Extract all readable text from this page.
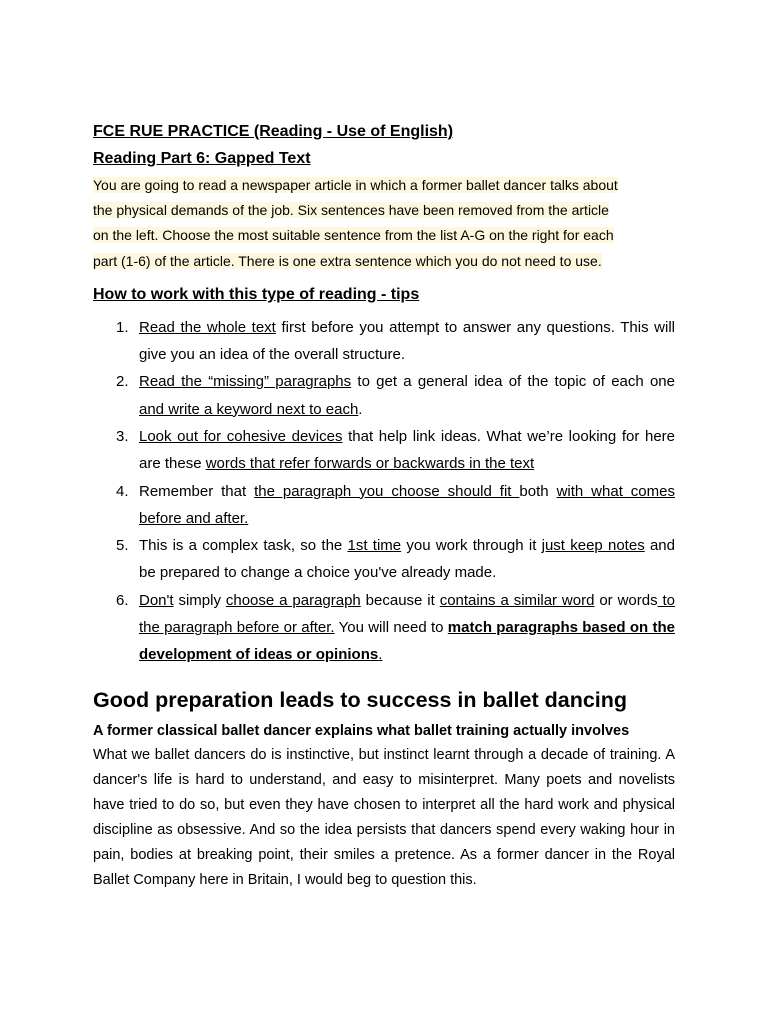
FCE RUE PRACTICE (Reading - Use of English)
Reading Part 6: Gapped Text

You are going to read a newspaper article in which a former ballet dancer talks about

the physical demands of the job. Six sentences have been removed from the article

on the left. Choose the most suitable sentence from the list A-G on the right for each

part (1-6) of the article. There is one extra sentence which you do not need to use.

How to work with this type of reading - tips
1. Read the whole text first before you attempt to answer any questions. This will give you an idea of the overall structure.
2. Read the “missing” paragraphs to get a general idea of the topic of each one and write a keyword next to each.
3. Look out for cohesive devices that help link ideas. What we’re looking for here are these words that refer forwards or backwards in the text
4. Remember that the paragraph you choose should fit both with what comes before and after.
5. This is a complex task, so the 1st time you work through it just keep notes and be prepared to change a choice you've already made.
6. Don't simply choose a paragraph because it contains a similar word or words to the paragraph before or after. You will need to match paragraphs based on the development of ideas or opinions.
Good preparation leads to success in ballet dancing

A former classical ballet dancer explains what ballet training actually involves

What we ballet dancers do is instinctive, but instinct learnt through a decade of training. A dancer's life is hard to understand, and easy to misinterpret. Many poets and novelists have tried to do so, but even they have chosen to interpret all the hard work and physical discipline as obsessive. And so the idea persists that dancers spend every waking hour in pain, bodies at breaking point, their smiles a pretence. As a former dancer in the Royal Ballet Company here in Britain, I would beg to question this.
